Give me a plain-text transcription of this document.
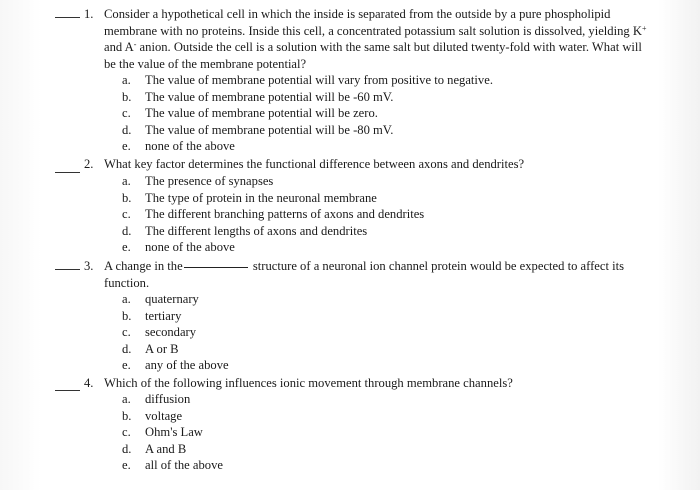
1. Consider a hypothetical cell in which the inside is separated from the outside by a pure phospholipid membrane with no proteins. Inside this cell, a concentrated potassium salt solution is dissolved, yielding K+ and A- anion. Outside the cell is a solution with the same salt but diluted twenty-fold with water. What will be the value of the membrane potential?
a. The value of membrane potential will vary from positive to negative.
b. The value of membrane potential will be -60 mV.
c. The value of membrane potential will be zero.
d. The value of membrane potential will be -80 mV.
e. none of the above
2. What key factor determines the functional difference between axons and dendrites?
a. The presence of synapses
b. The type of protein in the neuronal membrane
c. The different branching patterns of axons and dendrites
d. The different lengths of axons and dendrites
e. none of the above
3. A change in the	structure of a neuronal ion channel protein would be expected to affect its function.
a. quaternary
b. tertiary
c. secondary
d. A or B
e. any of the above
4. Which of the following influences ionic movement through membrane channels?
a. diffusion
b. voltage
c. Ohm's Law
d. A and B
e. all of the above
